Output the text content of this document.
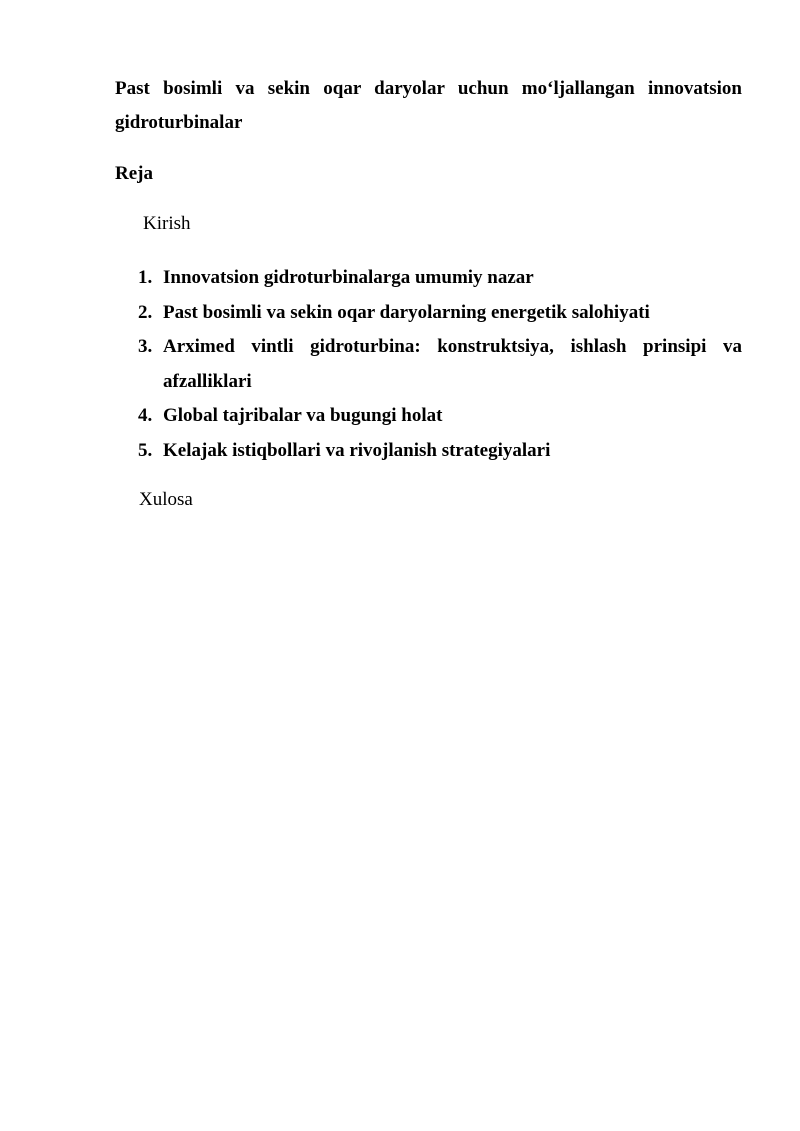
Past bosimli va sekin oqar daryolar uchun mo‘ljallangan innovatsion gidroturbinalar

Reja

Kirish

1. Innovatsion gidroturbinalarga umumiy nazar
2. Past bosimli va sekin oqar daryolarning energetik salohiyati
3. Arximed vintli gidroturbina: konstruktsiya, ishlash prinsipi va afzalliklari
4. Global tajribalar va bugungi holat
5. Kelajak istiqbollari va rivojlanish strategiyalari

Xulosa
